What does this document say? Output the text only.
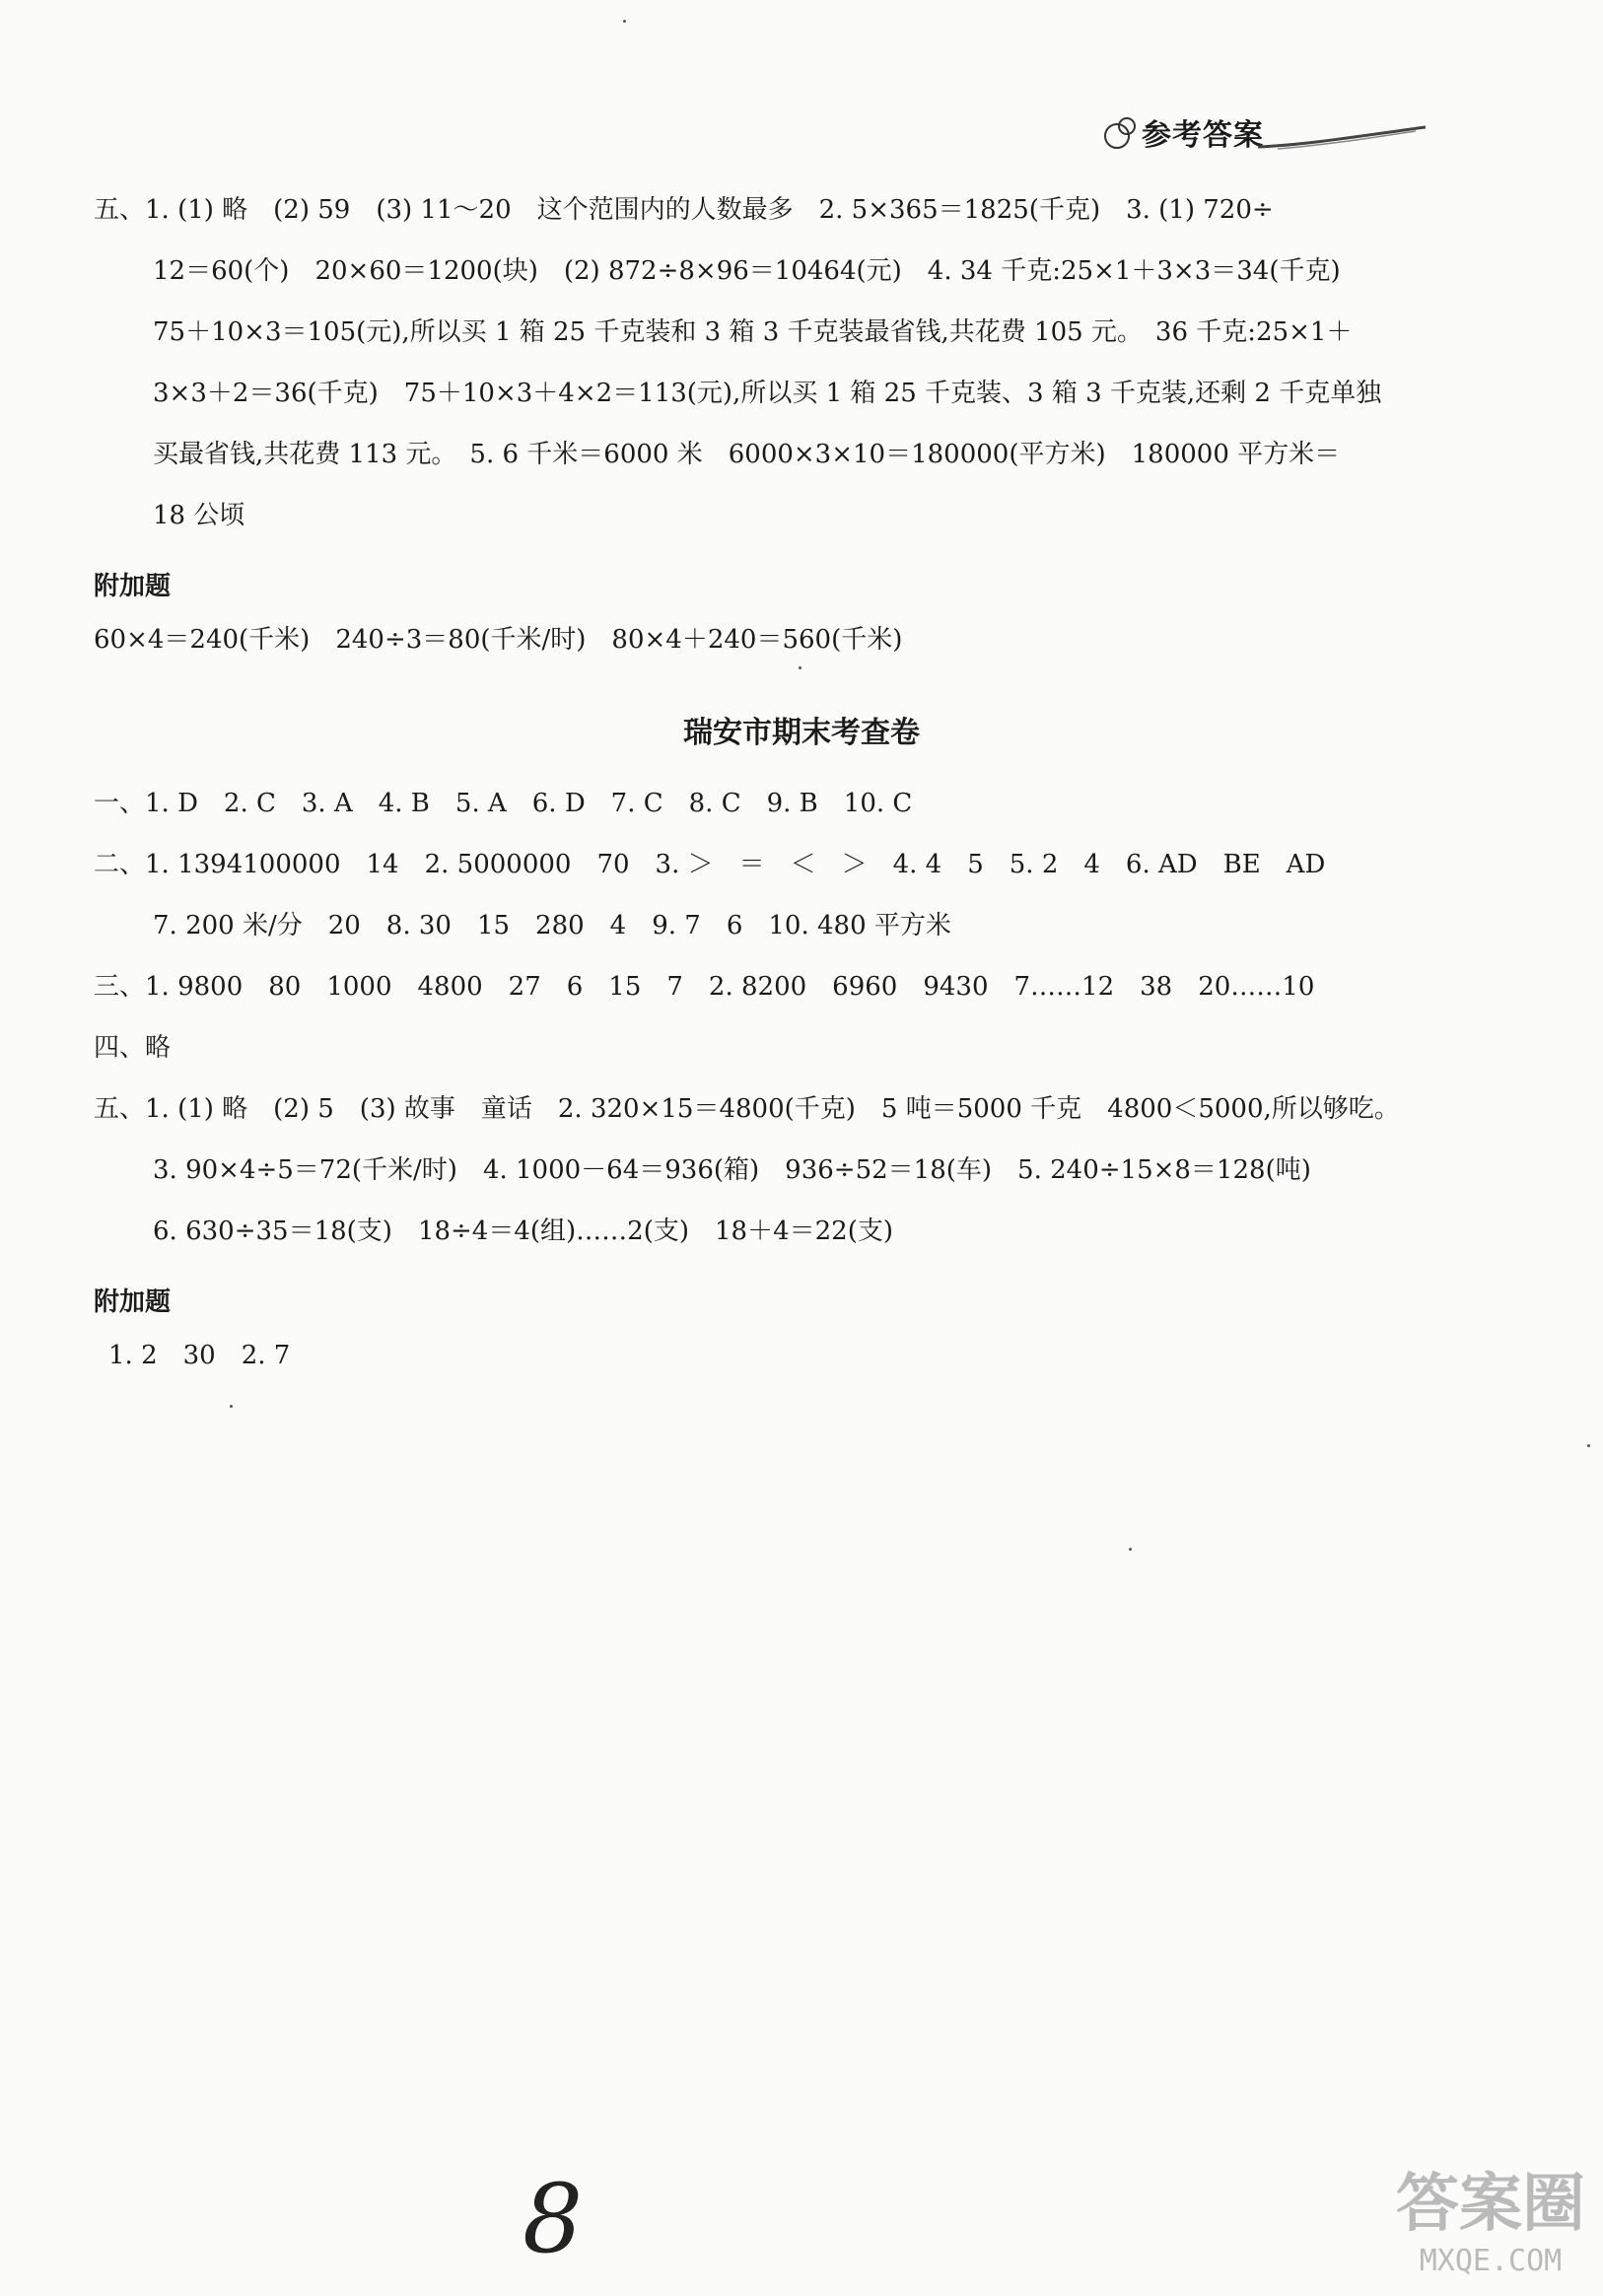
参考答案
五、1. (1) 略　(2) 59　(3) 11～20　这个范围内的人数最多　2. 5×365＝1825(千克)　3. (1) 720÷
12＝60(个)　20×60＝1200(块)　(2) 872÷8×96＝10464(元)　4. 34 千克:25×1＋3×3＝34(千克)
75＋10×3＝105(元),所以买 1 箱 25 千克装和 3 箱 3 千克装最省钱,共花费 105 元。　36 千克:25×1＋
3×3＋2＝36(千克)　75＋10×3＋4×2＝113(元),所以买 1 箱 25 千克装、3 箱 3 千克装,还剩 2 千克单独
买最省钱,共花费 113 元。　5. 6 千米＝6000 米　6000×3×10＝180000(平方米)　180000 平方米＝
18 公顷
附加题
60×4＝240(千米)　240÷3＝80(千米/时)　80×4＋240＝560(千米)
瑞安市期末考查卷
一、1. D　2. C　3. A　4. B　5. A　6. D　7. C　8. C　9. B　10. C
二、1. 1394100000　14　2. 5000000　70　3. ＞　＝　＜　＞　4. 4　5　5. 2　4　6. AD　BE　AD
7. 200 米/分　20　8. 30　15　280　4　9. 7　6　10. 480 平方米
三、1. 9800　80　1000　4800　27　6　15　7　2. 8200　6960　9430　7……12　38　20……10
四、略
五、1. (1) 略　(2) 5　(3) 故事　童话　2. 320×15＝4800(千克)　5 吨＝5000 千克　4800＜5000,所以够吃。
3. 90×4÷5＝72(千米/时)　4. 1000－64＝936(箱)　936÷52＝18(车)　5. 240÷15×8＝128(吨)
6. 630÷35＝18(支)　18÷4＝4(组)……2(支)　18＋4＝22(支)
附加题
1. 2　30　2. 7
8	答案圈
MXQE.COM
